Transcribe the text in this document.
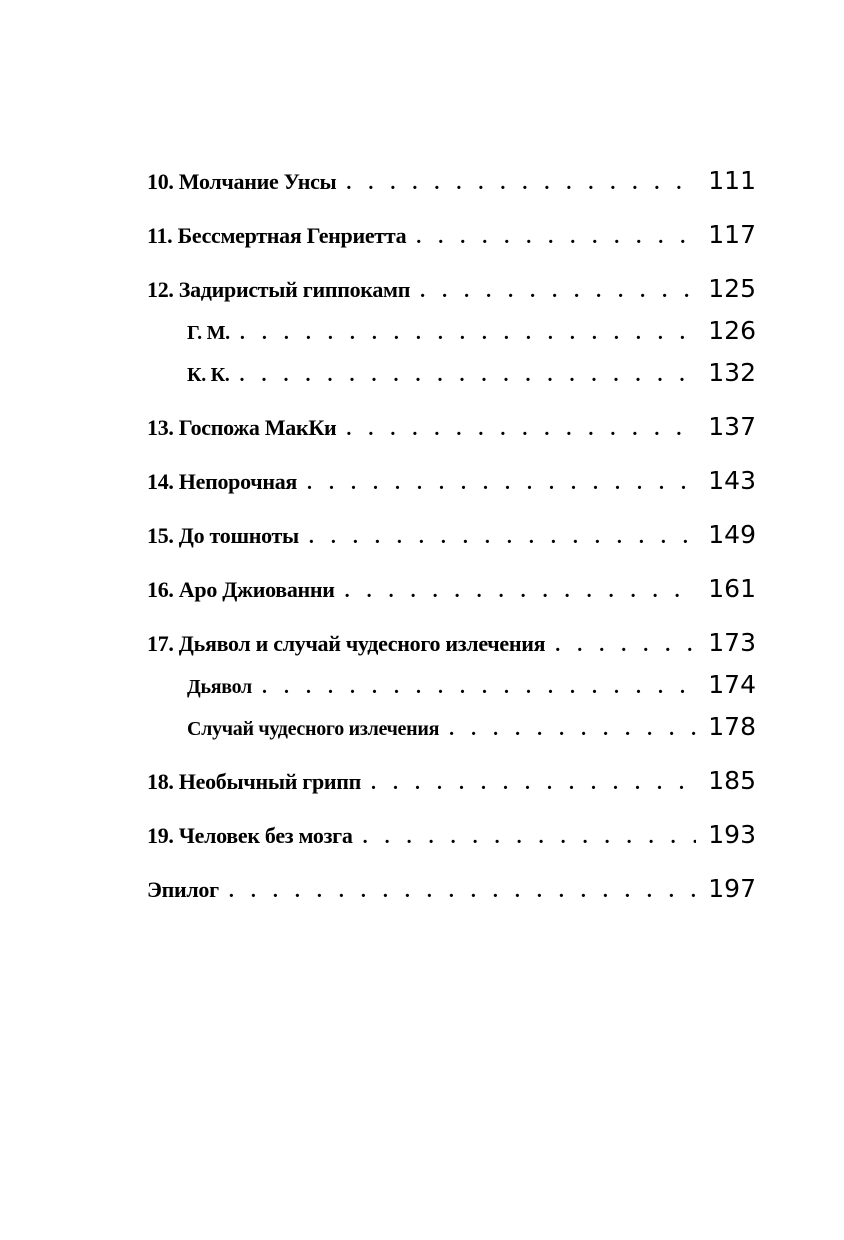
10. Молчание Унсы . . .	111
11. Бессмертная Генриетта . . .	117
12. Задиристый гиппокамп . . .	125
Г. М. . . .	126
К. К. . . .	132
13. Госпожа МакКи . . .	137
14. Непорочная . . .	143
15. До тошноты . . .	149
16. Аро Джиованни . . .	161
17. Дьявол и случай чудесного излечения . . .	173
Дьявол . . .	174
Случай чудесного излечения . . .	178
18. Необычный грипп . . .	185
19. Человек без мозга . . .	193
Эпилог . . .	197
